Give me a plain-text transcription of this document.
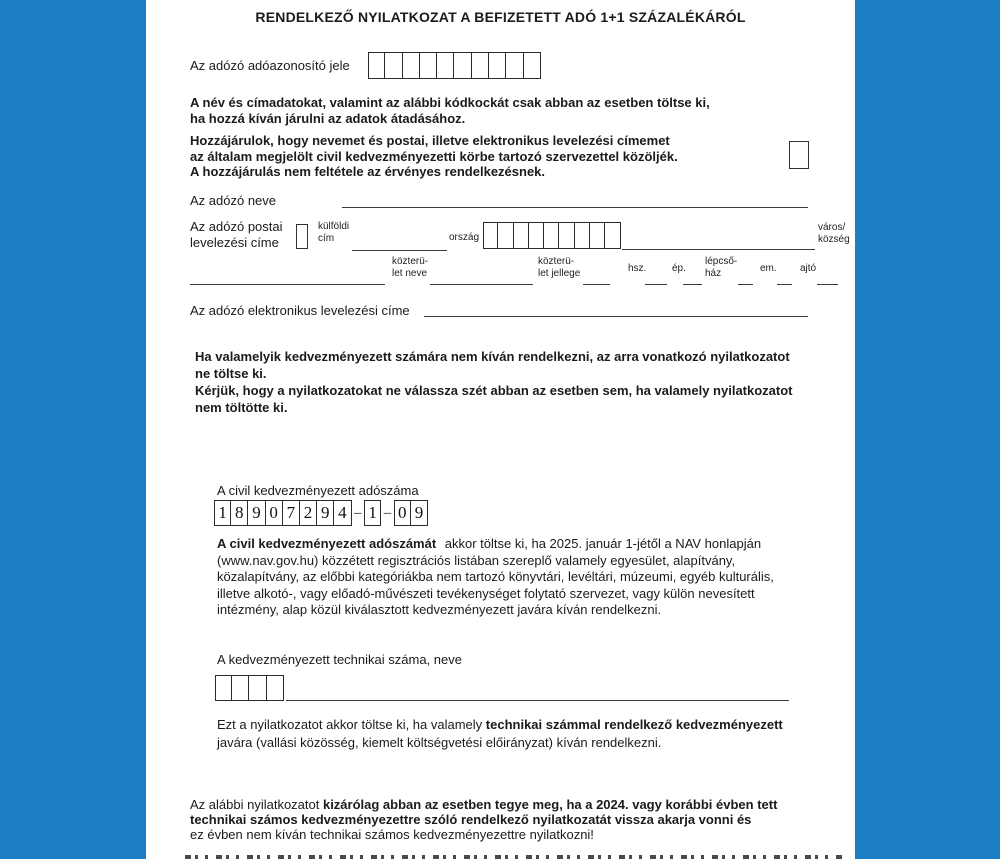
RENDELKEZŐ NYILATKOZAT A BEFIZETETT ADÓ 1+1 SZÁZALÉKÁRÓL
Az adózó adóazonosító jele
A név és címadatokat, valamint az alábbi kódkockát csak abban az esetben töltse ki,
ha hozzá kíván járulni az adatok átadásához.
Hozzájárulok, hogy nevemet és postai, illetve elektronikus levelezési címemet
az általam megjelölt civil kedvezményezetti körbe tartozó szervezettel közöljék.
A hozzájárulás nem feltétele az érvényes rendelkezésnek.
Az adózó neve
Az adózó postai
levelezési címe
külföldi
cím	ország
város/
község
közterü-
let neve
közterü-
let jellege	hsz.	ép.
lépcső-
ház	em. ajtó
Az adózó elektronikus levelezési címe
Ha valamelyik kedvezményezett számára nem kíván rendelkezni, az arra vonatkozó nyilatkozatot
ne töltse ki.
Kérjük, hogy a nyilatkozatokat ne válassza szét abban az esetben sem, ha valamely nyilatkozatot
nem töltötte ki.
A civil kedvezményezett adószáma
1 8 9 0 7 2 9 4 – 1 – 0 9
A civil kedvezményezett adószámát akkor töltse ki, ha 2025. január 1-jétől a NAV honlapján
(www.nav.gov.hu) közzétett regisztrációs listában szereplő valamely egyesület, alapítvány,
közalapítvány, az előbbi kategóriákba nem tartozó könyvtári, levéltári, múzeumi, egyéb kulturális,
illetve alkotó-, vagy előadó-művészeti tevékenységet folytató szervezet, vagy külön nevesített
intézmény, alap közül kiválasztott kedvezményezett javára kíván rendelkezni.
A kedvezményezett technikai száma, neve
Ezt a nyilatkozatot akkor töltse ki, ha valamely technikai számmal rendelkező kedvezményezett
javára (vallási közösség, kiemelt költségvetési előirányzat) kíván rendelkezni.
Az alábbi nyilatkozatot kizárólag abban az esetben tegye meg, ha a 2024. vagy korábbi évben tett
technikai számos kedvezményezettre szóló rendelkező nyilatkozatát vissza akarja vonni és
ez évben nem kíván technikai számos kedvezményezettre nyilatkozni!
